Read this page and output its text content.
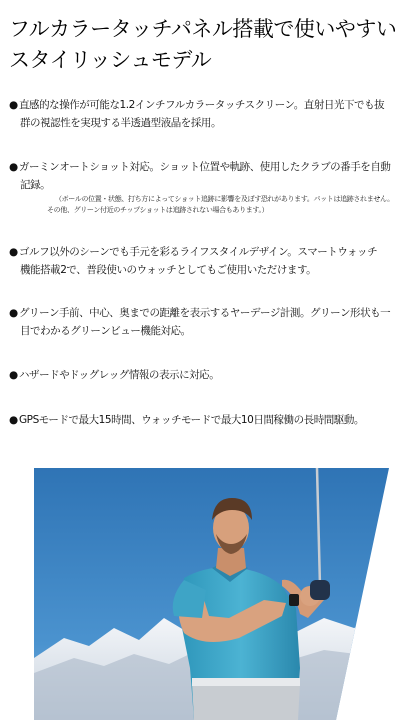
フルカラータッチパネル搭載で使いやすい
スタイリッシュモデル
● 直感的な操作が可能な1.2インチフルカラータッチスクリーン。直射日光下でも抜
群の視認性を実現する半透過型液晶を採用。
● ガーミンオートショット対応。ショット位置や軌跡、使用したクラブの番手を自動
記録。
（ボールの位置・状態、打ち方によってショット追跡に影響を及ぼす恐れがあります。パットは追跡されません。
その他、グリーン付近のチップショットは追跡されない場合もあります。）
● ゴルフ以外のシーンでも手元を彩るライフスタイルデザイン。スマートウォッチ
機能搭載2で、普段使いのウォッチとしてもご使用いただけます。
● グリーン手前、中心、奥までの距離を表示するヤーデージ計測。グリーン形状も一
目でわかるグリーンビュー機能対応。
● ハザードやドッグレッグ情報の表示に対応。
● GPSモードで最大15時間、ウォッチモードで最大10日間稼働の長時間駆動。
